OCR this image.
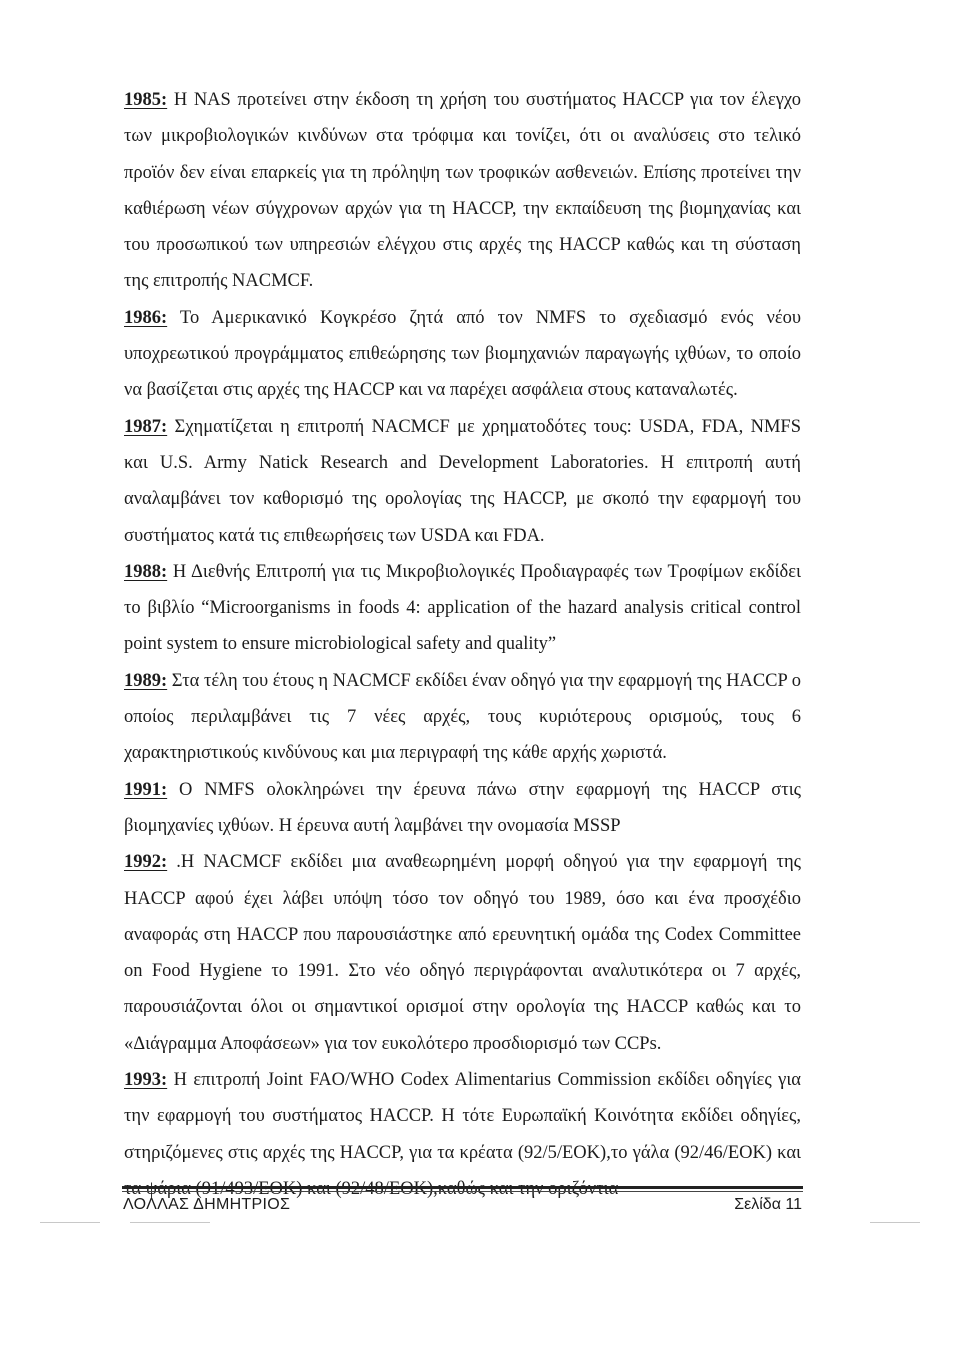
1985: Η NAS προτείνει στην έκδοση τη χρήση του συστήματος HACCP για τον έλεγχο των μικροβιολογικών κινδύνων στα τρόφιμα και τονίζει, ότι οι αναλύσεις στο τελικό προϊόν δεν είναι επαρκείς για τη πρόληψη των τροφικών ασθενειών. Επίσης προτείνει την καθιέρωση νέων σύγχρονων αρχών για τη HACCP, την εκπαίδευση της βιομηχανίας και του προσωπικού των υπηρεσιών ελέγχου στις αρχές της HACCP καθώς και τη σύσταση της επιτροπής NACMCF.

1986: Το Αμερικανικό Κογκρέσο ζητά από τον NMFS το σχεδιασμό ενός νέου υποχρεωτικού προγράμματος επιθεώρησης των βιομηχανιών παραγωγής ιχθύων, το οποίο να βασίζεται στις αρχές της HACCP και να παρέχει ασφάλεια στους καταναλωτές.

1987: Σχηματίζεται η επιτροπή NACMCF με χρηματοδότες τους: USDA, FDA, NMFS και U.S. Army Natick Research and Development Laboratories. Η επιτροπή αυτή αναλαμβάνει τον καθορισμό της ορολογίας της HACCP, με σκοπό την εφαρμογή του συστήματος κατά τις επιθεωρήσεις των USDA και FDA.

1988: Η Διεθνής Επιτροπή για τις Μικροβιολογικές Προδιαγραφές των Τροφίμων εκδίδει το βιβλίο “Microorganisms in foods 4: application of the hazard analysis critical control point system to ensure microbiological safety and quality”

1989: Στα τέλη του έτους η NACMCF εκδίδει έναν οδηγό για την εφαρμογή της HACCP ο οποίος περιλαμβάνει τις 7 νέες αρχές, τους κυριότερους ορισμούς, τους 6 χαρακτηριστικούς κινδύνους και μια περιγραφή της κάθε αρχής χωριστά.

1991: Ο NMFS ολοκληρώνει την έρευνα πάνω στην εφαρμογή της HACCP στις βιομηχανίες ιχθύων. Η έρευνα αυτή λαμβάνει την ονομασία MSSP

1992: .Η NACMCF εκδίδει μια αναθεωρημένη μορφή οδηγού για την εφαρμογή της HACCP αφού έχει λάβει υπόψη τόσο τον οδηγό του 1989, όσο και ένα προσχέδιο αναφοράς στη HACCP που παρουσιάστηκε από ερευνητική ομάδα της Codex Committee on Food Hygiene το 1991. Στο νέο οδηγό περιγράφονται αναλυτικότερα οι 7 αρχές, παρουσιάζονται όλοι οι σημαντικοί ορισμοί στην ορολογία της HACCP καθώς και το «Διάγραμμα Αποφάσεων» για τον ευκολότερο προσδιορισμό των CCPs.

1993: Η επιτροπή Joint FAO/WHO Codex Alimentarius Commission εκδίδει οδηγίες για την εφαρμογή του συστήματος HACCP. Η τότε Ευρωπαϊκή Κοινότητα εκδίδει οδηγίες, στηριζόμενες στις αρχές της HACCP, για τα κρέατα (92/5/ΕΟΚ),το γάλα (92/46/ΕΟΚ) και

ΛΟΛΛΑΣ ΔΗΜΗΤΡΙΟΣ	Σελίδα 11
